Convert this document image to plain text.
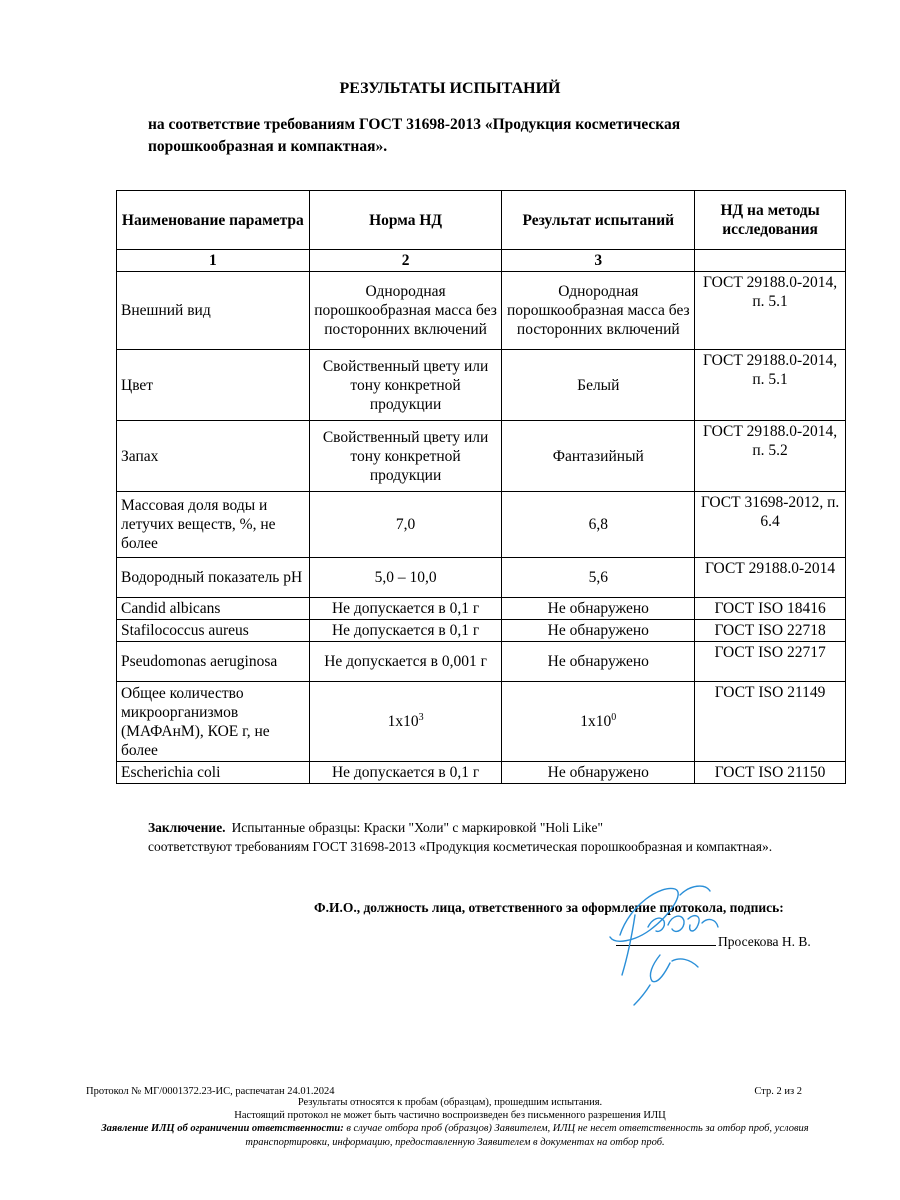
РЕЗУЛЬТАТЫ ИСПЫТАНИЙ
на соответствие требованиям ГОСТ 31698-2013 «Продукция косметическая порошкообразная и компактная».
Наименование параметра	Норма НД	Результат испытаний	НД на методы исследования
1	2	3	
Внешний вид	Однородная порошкообразная масса без посторонних включений	Однородная порошкообразная масса без посторонних включений	ГОСТ 29188.0-2014, п. 5.1
Цвет	Свойственный цвету или тону конкретной продукции	Белый	ГОСТ 29188.0-2014, п. 5.1
Запах	Свойственный цвету или тону конкретной продукции	Фантазийный	ГОСТ 29188.0-2014, п. 5.2
Массовая доля воды и летучих веществ, %, не более	7,0	6,8	ГОСТ 31698-2012, п. 6.4
Водородный показатель pH	5,0 – 10,0	5,6	ГОСТ 29188.0-2014
Candid albicans	Не допускается в 0,1 г	Не обнаружено	ГОСТ ISO 18416
Stafilococcus aureus	Не допускается в 0,1 г	Не обнаружено	ГОСТ ISO 22718
Pseudomonas aeruginosa	Не допускается в 0,001 г	Не обнаружено	ГОСТ ISO 22717
Общее количество микроорганизмов (МАФАнМ), КОЕ г, не более	$1x10^3$	$1x10^0$	ГОСТ ISO 21149
Escherichia coli	Не допускается в 0,1 г	Не обнаружено	ГОСТ ISO 21150
Заключение. Испытанные образцы: Краски "Холи" с маркировкой "Holi Like"
соответствуют требованиям ГОСТ 31698-2013 «Продукция косметическая порошкообразная и компактная».
Ф.И.О., должность лица, ответственного за оформление протокола, подпись:
Просекова Н. В.
Протокол № МГ/0001372.23-ИС, распечатан 24.01.2024	Стр. 2 из 2
Результаты относятся к пробам (образцам), прошедшим испытания.
Настоящий протокол не может быть частично воспроизведен без письменного разрешения ИЛЦ
Заявление ИЛЦ об ограничении ответственности: в случае отбора проб (образцов) Заявителем, ИЛЦ не несет ответственность за отбор проб, условия транспортировки, информацию, предоставленную Заявителем в документах на отбор проб.
